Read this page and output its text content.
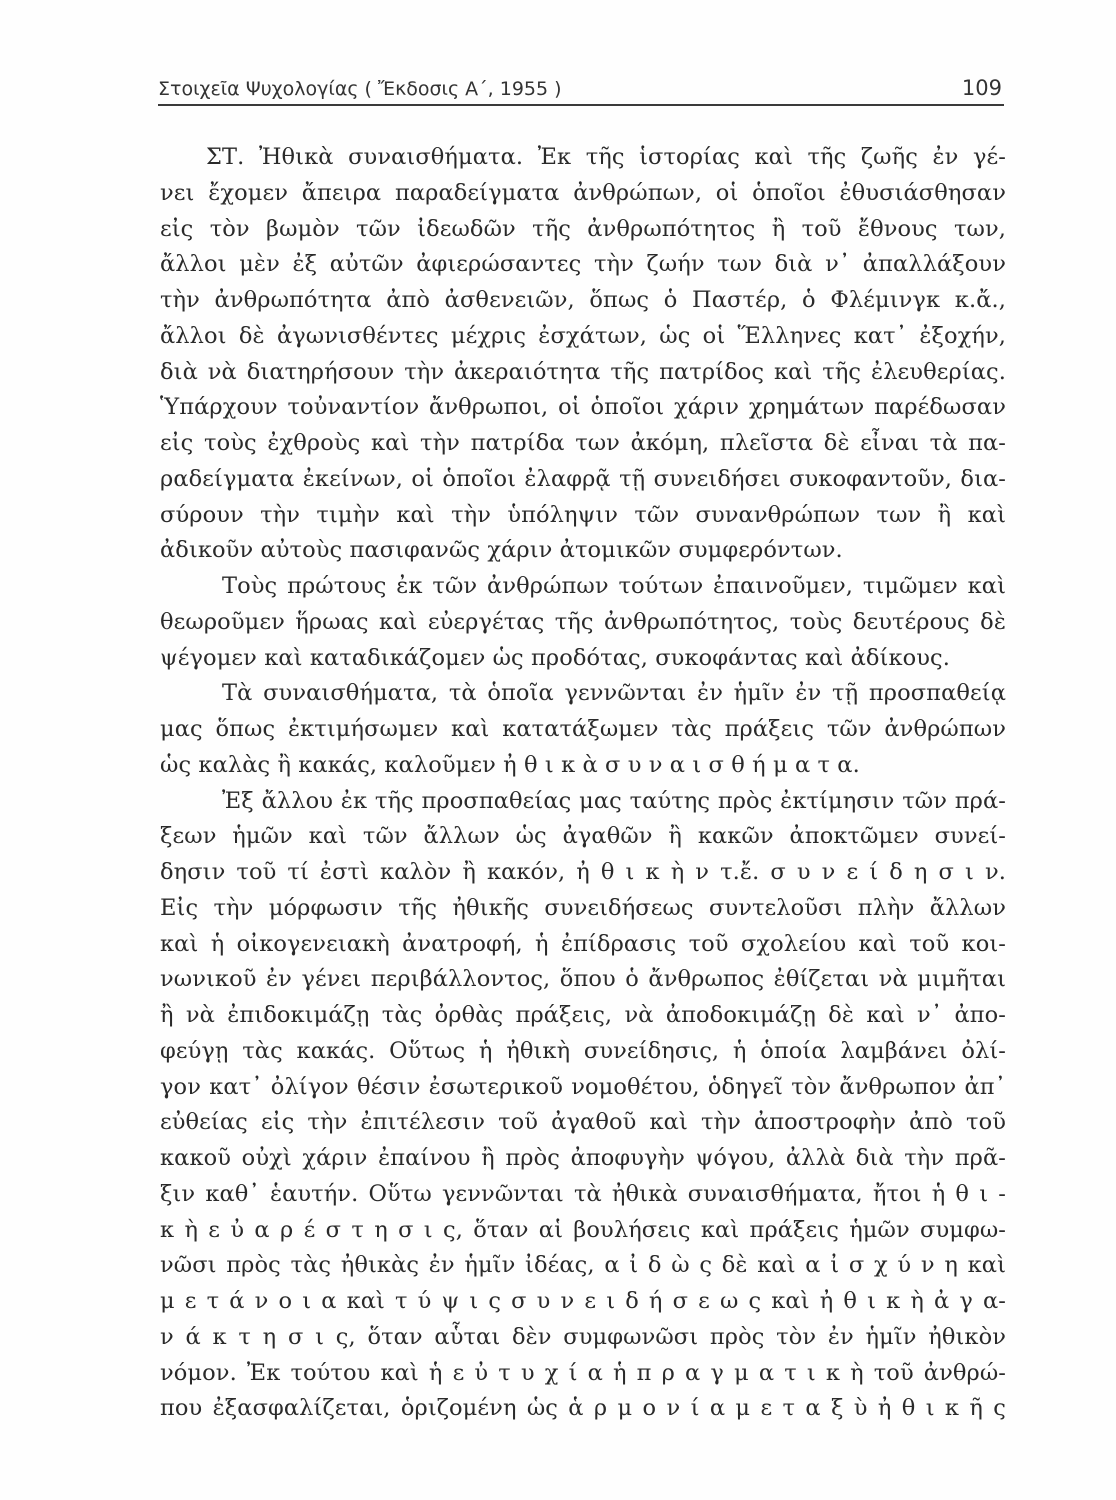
Στοιχεῖα Ψυχολογίας ( Ἔκδοσις Α΄, 1955 )	109
ΣΤ. Ἠθικὰ συναισθήματα. Ἐκ τῆς ἱστορίας καὶ τῆς ζωῆς ἐν γέ-
νει ἔχομεν ἄπειρα παραδείγματα ἀνθρώπων, οἱ ὁποῖοι ἐθυσιάσθησαν
εἰς τὸν βωμὸν τῶν ἰδεωδῶν τῆς ἀνθρωπότητος ἢ τοῦ ἔθνους των,
ἄλλοι μὲν ἐξ αὐτῶν ἀφιερώσαντες τὴν ζωήν των διὰ ν᾿ ἀπαλλάξουν
τὴν ἀνθρωπότητα ἀπὸ ἀσθενειῶν, ὅπως ὁ Παστέρ, ὁ Φλέμινγκ κ.ἄ.,
ἄλλοι δὲ ἀγωνισθέντες μέχρις ἐσχάτων, ὡς οἱ Ἕλληνες κατ᾿ ἐξοχήν,
διὰ νὰ διατηρήσουν τὴν ἀκεραιότητα τῆς πατρίδος καὶ τῆς ἐλευθερίας.
Ὑπάρχουν τοὐναντίον ἄνθρωποι, οἱ ὁποῖοι χάριν χρημάτων παρέδωσαν
εἰς τοὺς ἐχθροὺς καὶ τὴν πατρίδα των ἀκόμη, πλεῖστα δὲ εἶναι τὰ πα-
ραδείγματα ἐκείνων, οἱ ὁποῖοι ἐλαφρᾷ τῇ συνειδήσει συκοφαντοῦν, δια-
σύρουν τὴν τιμὴν καὶ τὴν ὑπόληψιν τῶν συνανθρώπων των ἢ καὶ
ἀδικοῦν αὐτοὺς πασιφανῶς χάριν ἀτομικῶν συμφερόντων.
Τοὺς πρώτους ἐκ τῶν ἀνθρώπων τούτων ἐπαινοῦμεν, τιμῶμεν καὶ
θεωροῦμεν ἥρωας καὶ εὐεργέτας τῆς ἀνθρωπότητος, τοὺς δευτέρους δὲ
ψέγομεν καὶ καταδικάζομεν ὡς προδότας, συκοφάντας καὶ ἀδίκους.
Τὰ συναισθήματα, τὰ ὁποῖα γεννῶνται ἐν ἡμῖν ἐν τῇ προσπαθείᾳ
μας ὅπως ἐκτιμήσωμεν καὶ κατατάξωμεν τὰς πράξεις τῶν ἀνθρώπων
ὡς καλὰς ἢ κακάς, καλοῦμεν ἠ θ ι κ ὰ σ υ ν α ι σ θ ή μ α τ α.
Ἐξ ἄλλου ἐκ τῆς προσπαθείας μας ταύτης πρὸς ἐκτίμησιν τῶν πρά-
ξεων ἡμῶν καὶ τῶν ἄλλων ὡς ἀγαθῶν ἢ κακῶν ἀποκτῶμεν συνεί-
δησιν τοῦ τί ἐστὶ καλὸν ἢ κακόν, ἠ θ ι κ ὴ ν τ.ἔ. σ υ ν ε ί δ η σ ι ν.
Εἰς τὴν μόρφωσιν τῆς ἠθικῆς συνειδήσεως συντελοῦσι πλὴν ἄλλων
καὶ ἡ οἰκογενειακὴ ἀνατροφή, ἡ ἐπίδρασις τοῦ σχολείου καὶ τοῦ κοι-
νωνικοῦ ἐν γένει περιβάλλοντος, ὅπου ὁ ἄνθρωπος ἐθίζεται νὰ μιμῆται
ἢ νὰ ἐπιδοκιμάζῃ τὰς ὀρθὰς πράξεις, νὰ ἀποδοκιμάζῃ δὲ καὶ ν᾿ ἀπο-
φεύγῃ τὰς κακάς. Οὕτως ἡ ἠθικὴ συνείδησις, ἡ ὁποία λαμβάνει ὀλί-
γον κατ᾿ ὀλίγον θέσιν ἐσωτερικοῦ νομοθέτου, ὁδηγεῖ τὸν ἄνθρωπον ἀπ᾿
εὐθείας εἰς τὴν ἐπιτέλεσιν τοῦ ἀγαθοῦ καὶ τὴν ἀποστροφὴν ἀπὸ τοῦ
κακοῦ οὐχὶ χάριν ἐπαίνου ἢ πρὸς ἀποφυγὴν ψόγου, ἀλλὰ διὰ τὴν πρᾶ-
ξιν καθ᾿ ἑαυτήν. Οὕτω γεννῶνται τὰ ἠθικὰ συναισθήματα, ἤτοι ἡ θ ι -
κ ὴ ε ὐ α ρ έ σ τ η σ ι ς, ὅταν αἱ βουλήσεις καὶ πράξεις ἡμῶν συμφω-
νῶσι πρὸς τὰς ἠθικὰς ἐν ἡμῖν ἰδέας, α ἰ δ ὼ ς δὲ καὶ α ἰ σ χ ύ ν η καὶ
μ ε τ ά ν ο ι α καὶ τ ύ ψ ι ς σ υ ν ε ι δ ή σ ε ω ς καὶ ἠ θ ι κ ὴ ἀ γ α-
ν ά κ τ η σ ι ς, ὅταν αὗται δὲν συμφωνῶσι πρὸς τὸν ἐν ἡμῖν ἠθικὸν
νόμον. Ἐκ τούτου καὶ ἡ ε ὐ τ υ χ ί α ἡ π ρ α γ μ α τ ι κ ὴ τοῦ ἀνθρώ-
που ἐξασφαλίζεται, ὁριζομένη ὡς ἁ ρ μ ο ν ί α μ ε τ α ξ ὺ ἠ θ ι κ ῆ ς
